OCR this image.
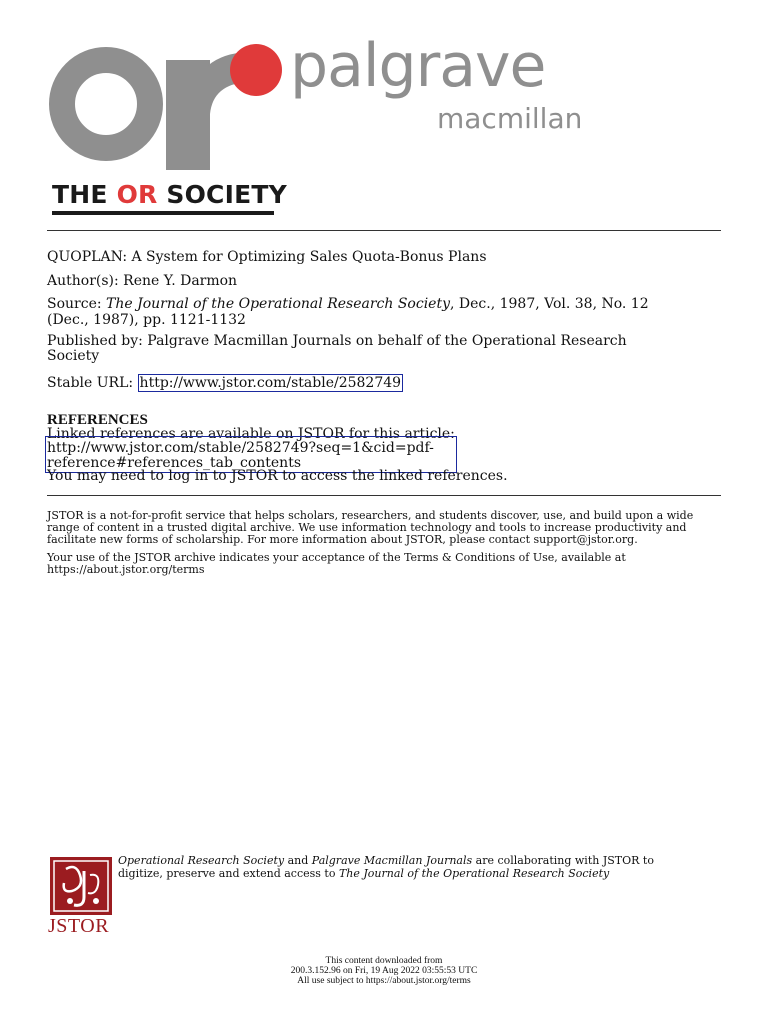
THE OR SOCIETY
palgrave
macmillan
QUOPLAN: A System for Optimizing Sales Quota-Bonus Plans
Author(s): Rene Y. Darmon
Source: The Journal of the Operational Research Society, Dec., 1987, Vol. 38, No. 12
(Dec., 1987), pp. 1121-1132
Published by: Palgrave Macmillan Journals on behalf of the Operational Research
Society
Stable URL: http://www.jstor.com/stable/2582749
REFERENCES
Linked references are available on JSTOR for this article:
http://www.jstor.com/stable/2582749?seq=1&cid=pdf-
reference#references_tab_contents
You may need to log in to JSTOR to access the linked references.
JSTOR is a not-for-profit service that helps scholars, researchers, and students discover, use, and build upon a wide
range of content in a trusted digital archive. We use information technology and tools to increase productivity and
facilitate new forms of scholarship. For more information about JSTOR, please contact support@jstor.org.
Your use of the JSTOR archive indicates your acceptance of the Terms & Conditions of Use, available at
https://about.jstor.org/terms
JSTOR
Operational Research Society and Palgrave Macmillan Journals are collaborating with JSTOR to
digitize, preserve and extend access to The Journal of the Operational Research Society
This content downloaded from
200.3.152.96 on Fri, 19 Aug 2022 03:55:53 UTC
All use subject to https://about.jstor.org/terms
